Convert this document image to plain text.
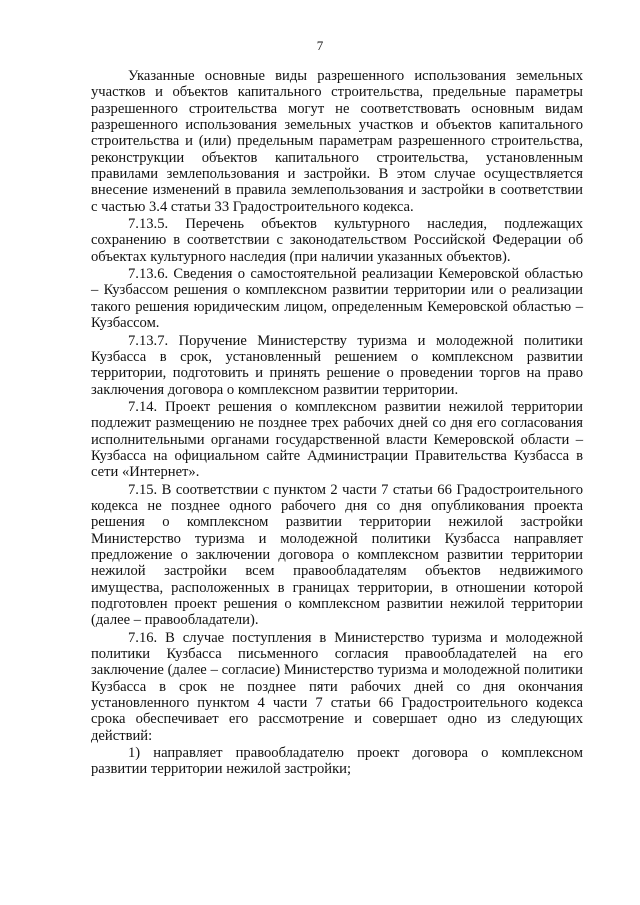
7

Указанные основные виды разрешенного использования земельных участков и объектов капитального строительства, предельные параметры разрешенного строительства могут не соответствовать основным видам разрешенного использования земельных участков и объектов капитального строительства и (или) предельным параметрам разрешенного строительства, реконструкции объектов капитального строительства, установленным правилами землепользования и застройки. В этом случае осуществляется внесение изменений в правила землепользования и застройки в соответствии с частью 3.4 статьи 33 Градостроительного кодекса.

7.13.5. Перечень объектов культурного наследия, подлежащих сохранению в соответствии с законодательством Российской Федерации об объектах культурного наследия (при наличии указанных объектов).

7.13.6. Сведения о самостоятельной реализации Кемеровской областью – Кузбассом решения о комплексном развитии территории или о реализации такого решения юридическим лицом, определенным Кемеровской областью – Кузбассом.

7.13.7. Поручение Министерству туризма и молодежной политики Кузбасса в срок, установленный решением о комплексном развитии территории, подготовить и принять решение о проведении торгов на право заключения договора о комплексном развитии территории.

7.14. Проект решения о комплексном развитии нежилой территории подлежит размещению не позднее трех рабочих дней со дня его согласования исполнительными органами государственной власти Кемеровской области – Кузбасса на официальном сайте Администрации Правительства Кузбасса в сети «Интернет».

7.15. В соответствии с пунктом 2 части 7 статьи 66 Градостроительного кодекса не позднее одного рабочего дня со дня опубликования проекта решения о комплексном развитии территории нежилой застройки Министерство туризма и молодежной политики Кузбасса направляет предложение о заключении договора о комплексном развитии территории нежилой застройки всем правообладателям объектов недвижимого имущества, расположенных в границах территории, в отношении которой подготовлен проект решения о комплексном развитии нежилой территории (далее – правообладатели).

7.16. В случае поступления в Министерство туризма и молодежной политики Кузбасса письменного согласия правообладателей на его заключение (далее – согласие) Министерство туризма и молодежной политики Кузбасса в срок не позднее пяти рабочих дней со дня окончания установленного пунктом 4 части 7 статьи 66 Градостроительного кодекса срока обеспечивает его рассмотрение и совершает одно из следующих действий:

1) направляет правообладателю проект договора о комплексном развитии территории нежилой застройки;
